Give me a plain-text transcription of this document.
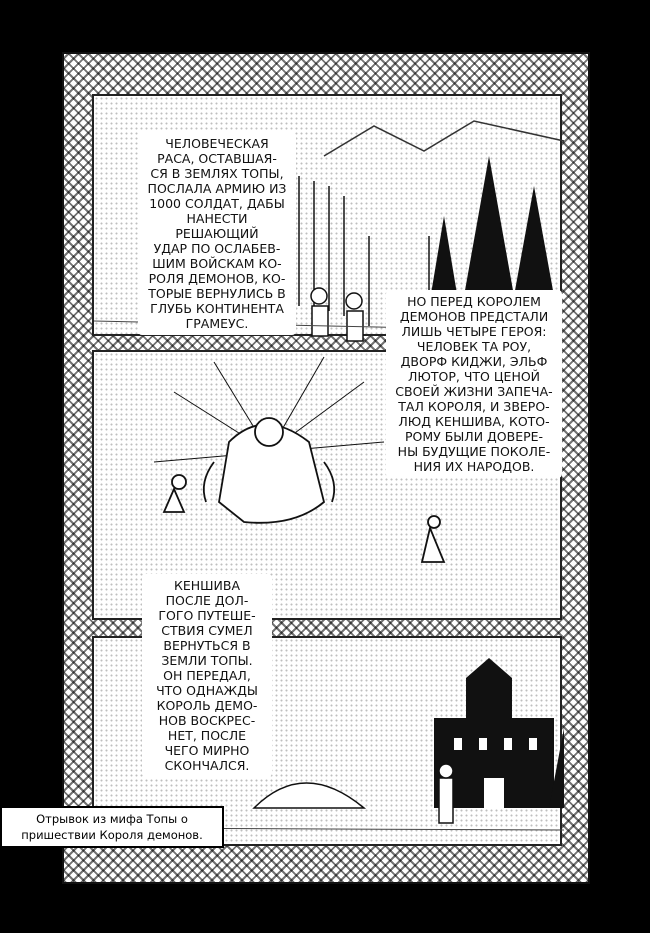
ЧЕЛОВЕЧЕСКАЯ
РАСА, ОСТАВШАЯ-
СЯ В ЗЕМЛЯХ ТОПЫ,
ПОСЛАЛА АРМИЮ ИЗ
1000 СОЛДАТ, ДАБЫ
НАНЕСТИ РЕШАЮЩИЙ
УДАР ПО ОСЛАБЕВ-
ШИМ ВОЙСКАМ КО-
РОЛЯ ДЕМОНОВ, КО-
ТОРЫЕ ВЕРНУЛИСЬ В
ГЛУБЬ КОНТИНЕНТА
ГРАМЕУС.
НО ПЕРЕД КОРОЛЕМ
ДЕМОНОВ ПРЕДСТАЛИ
ЛИШЬ ЧЕТЫРЕ ГЕРОЯ:
ЧЕЛОВЕК ТА РОУ,
ДВОРФ КИДЖИ, ЭЛЬФ
ЛЮТОР, ЧТО ЦЕНОЙ
СВОЕЙ ЖИЗНИ ЗАПЕЧА-
ТАЛ КОРОЛЯ, И ЗВЕРО-
ЛЮД КЕНШИВА, КОТО-
РОМУ БЫЛИ ДОВЕРЕ-
НЫ БУДУЩИЕ ПОКОЛЕ-
НИЯ ИХ НАРОДОВ.
КЕНШИВА
ПОСЛЕ ДОЛ-
ГОГО ПУТЕШЕ-
СТВИЯ СУМЕЛ
ВЕРНУТЬСЯ В
ЗЕМЛИ ТОПЫ.
ОН ПЕРЕДАЛ,
ЧТО ОДНАЖДЫ
КОРОЛЬ ДЕМО-
НОВ ВОСКРЕС-
НЕТ, ПОСЛЕ
ЧЕГО МИРНО
СКОНЧАЛСЯ.
Отрывок из мифа Топы о
пришествии Короля демонов.
